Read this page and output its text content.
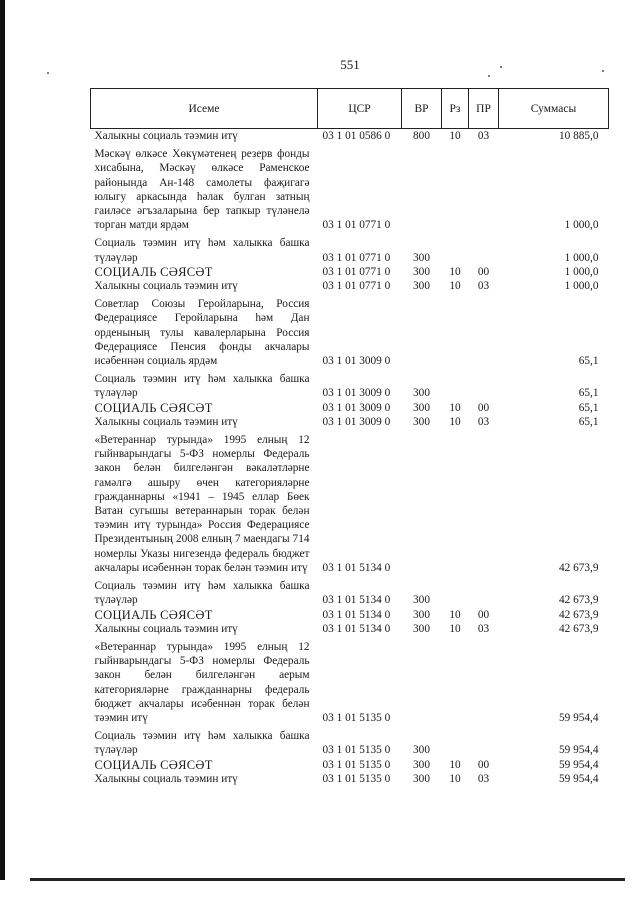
551
Исеме	ЦСР	ВР	Рз	ПР	Суммасы
Халыкны социаль тәэмин итү	03 1 01 0586 0	800	10	03	10 885,0
Мәскәү өлкәсе Хөкүмәтенең резерв фонды хисабына, Мәскәү өлкәсе Раменское районында Ан-148 самолеты фаҗигагә юлыгу аркасында һәлак булган затның гаиләсе әгъзаларына бер тапкыр түләнелә торган матди ярдәм	03 1 01 0771 0				1 000,0
Социаль тәэмин итү һәм халыкка башка түләүләр	03 1 01 0771 0	300			1 000,0
СОЦИАЛЬ СӘЯСӘТ	03 1 01 0771 0	300	10	00	1 000,0
Халыкны социаль тәэмин итү	03 1 01 0771 0	300	10	03	1 000,0
Советлар Союзы Геройларына, Россия Федерациясе Геройларына һәм Дан орденының тулы кавалерларына Россия Федерациясе Пенсия фонды акчалары исәбеннән социаль ярдәм	03 1 01 3009 0				65,1
Социаль тәэмин итү һәм халыкка башка түләүләр	03 1 01 3009 0	300			65,1
СОЦИАЛЬ СӘЯСӘТ	03 1 01 3009 0	300	10	00	65,1
Халыкны социаль тәэмин итү	03 1 01 3009 0	300	10	03	65,1
«Ветераннар турында» 1995 елның 12 гыйнварындагы 5-ФЗ номерлы Федераль закон белән билгеләнгән вәкаләтләрне гамәлгә ашыру өчен категорияләрне гражданнарны «1941 – 1945 еллар Бөек Ватан сугышы ветераннарын торак белән тәэмин итү турында» Россия Федерациясе Президентының 2008 елның 7 маендагы 714 номерлы Указы нигезендә федераль бюджет акчалары исәбеннән торак белән тәэмин итү	03 1 01 5134 0				42 673,9
Социаль тәэмин итү һәм халыкка башка түләүләр	03 1 01 5134 0	300			42 673,9
СОЦИАЛЬ СӘЯСӘТ	03 1 01 5134 0	300	10	00	42 673,9
Халыкны социаль тәэмин итү	03 1 01 5134 0	300	10	03	42 673,9
«Ветераннар турында» 1995 елның 12 гыйнварындагы 5-ФЗ номерлы Федераль закон белән билгеләнгән аерым категорияләрне гражданнарны федераль бюджет акчалары исәбеннән торак белән тәэмин итү	03 1 01 5135 0				59 954,4
Социаль тәэмин итү һәм халыкка башка түләүләр	03 1 01 5135 0	300			59 954,4
СОЦИАЛЬ СӘЯСӘТ	03 1 01 5135 0	300	10	00	59 954,4
Халыкны социаль тәэмин итү	03 1 01 5135 0	300	10	03	59 954,4
